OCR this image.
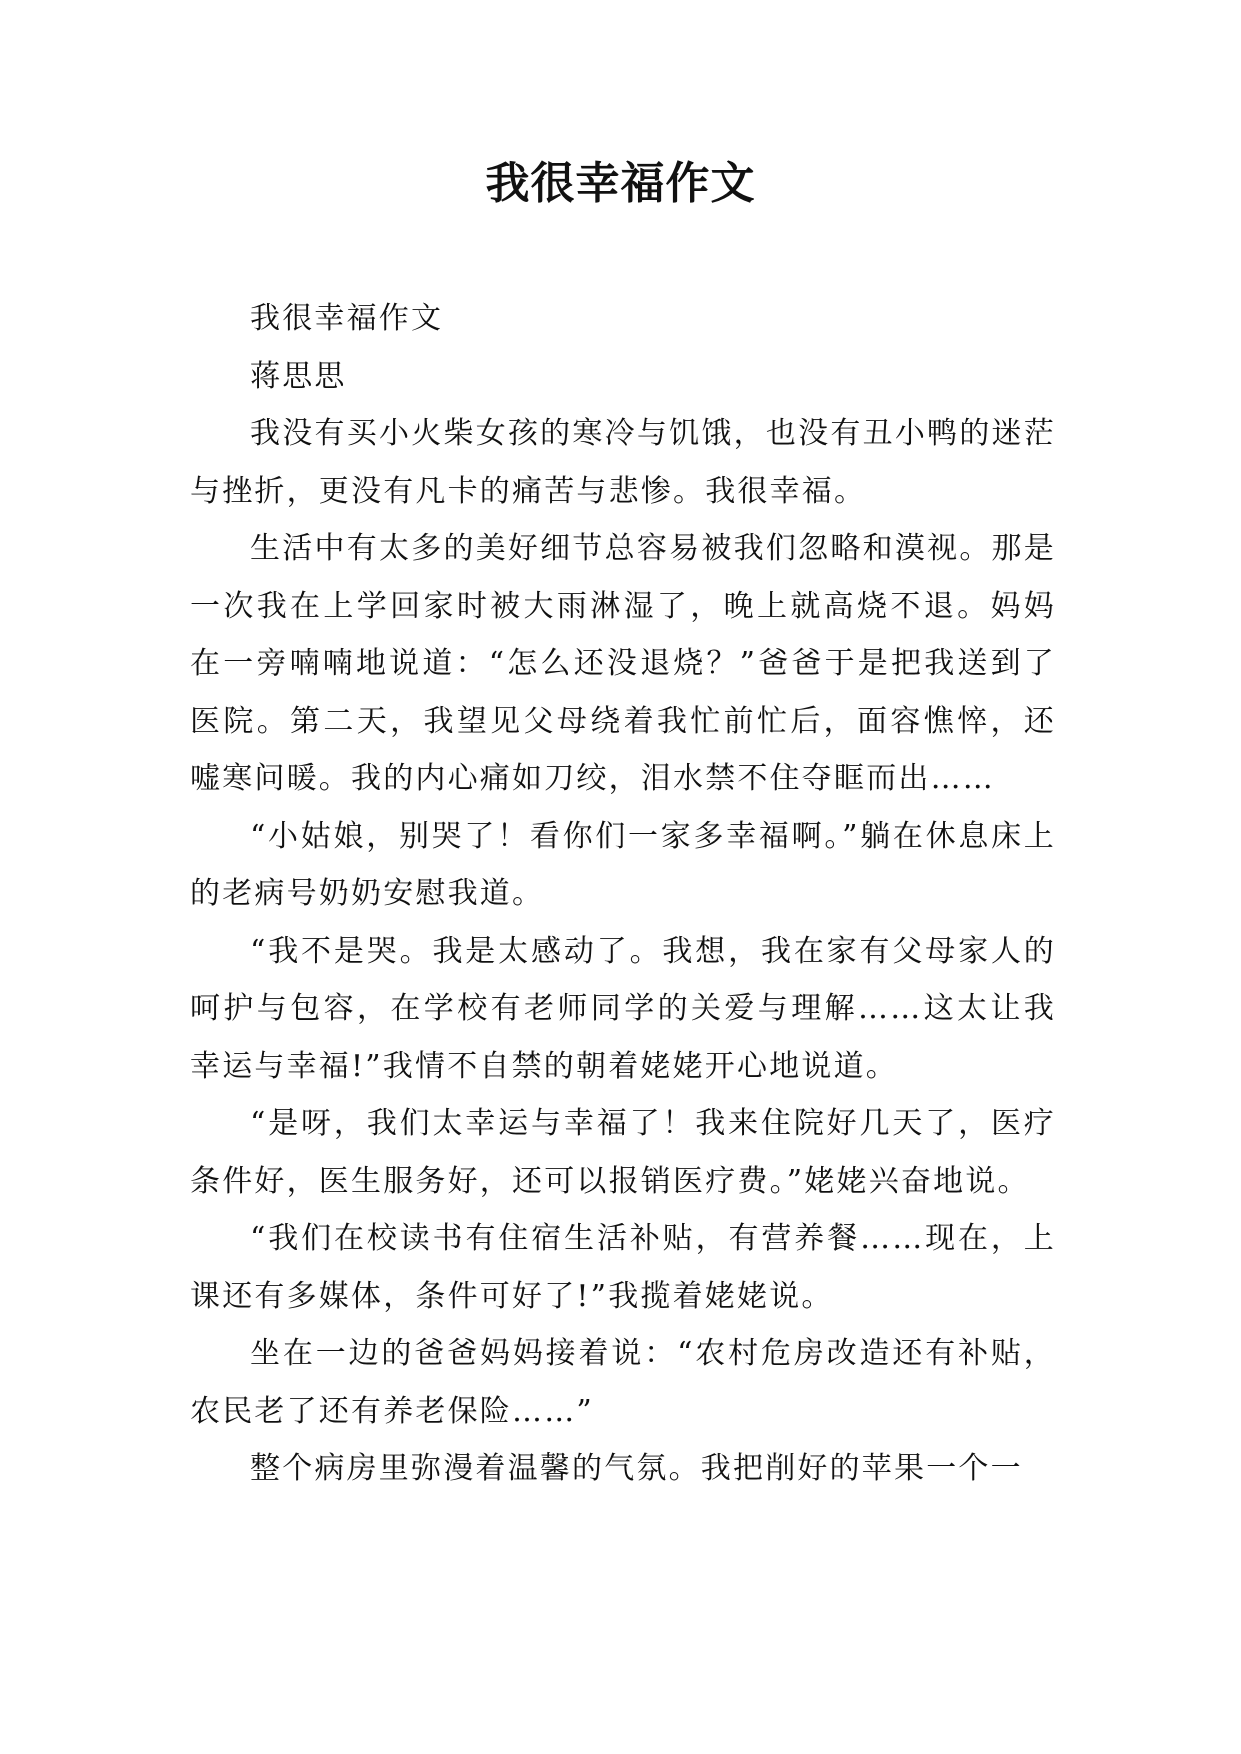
我很幸福作文

我很幸福作文

蒋思思

我没有买小火柴女孩的寒冷与饥饿，也没有丑小鸭的迷茫与挫折，更没有凡卡的痛苦与悲惨。我很幸福。

生活中有太多的美好细节总容易被我们忽略和漠视。那是一次我在上学回家时被大雨淋湿了，晚上就高烧不退。妈妈在一旁喃喃地说道：“怎么还没退烧？”爸爸于是把我送到了医院。第二天，我望见父母绕着我忙前忙后，面容憔悴，还嘘寒问暖。我的内心痛如刀绞，泪水禁不住夺眶而出……

“小姑娘，别哭了！看你们一家多幸福啊。”躺在休息床上的老病号奶奶安慰我道。

“我不是哭。我是太感动了。我想，我在家有父母家人的呵护与包容，在学校有老师同学的关爱与理解……这太让我幸运与幸福!”我情不自禁的朝着姥姥开心地说道。

“是呀，我们太幸运与幸福了！我来住院好几天了，医疗条件好，医生服务好，还可以报销医疗费。”姥姥兴奋地说。

“我们在校读书有住宿生活补贴，有营养餐……现在，上课还有多媒体，条件可好了!”我揽着姥姥说。

坐在一边的爸爸妈妈接着说：“农村危房改造还有补贴，农民老了还有养老保险……”

整个病房里弥漫着温馨的气氛。我把削好的苹果一个一
